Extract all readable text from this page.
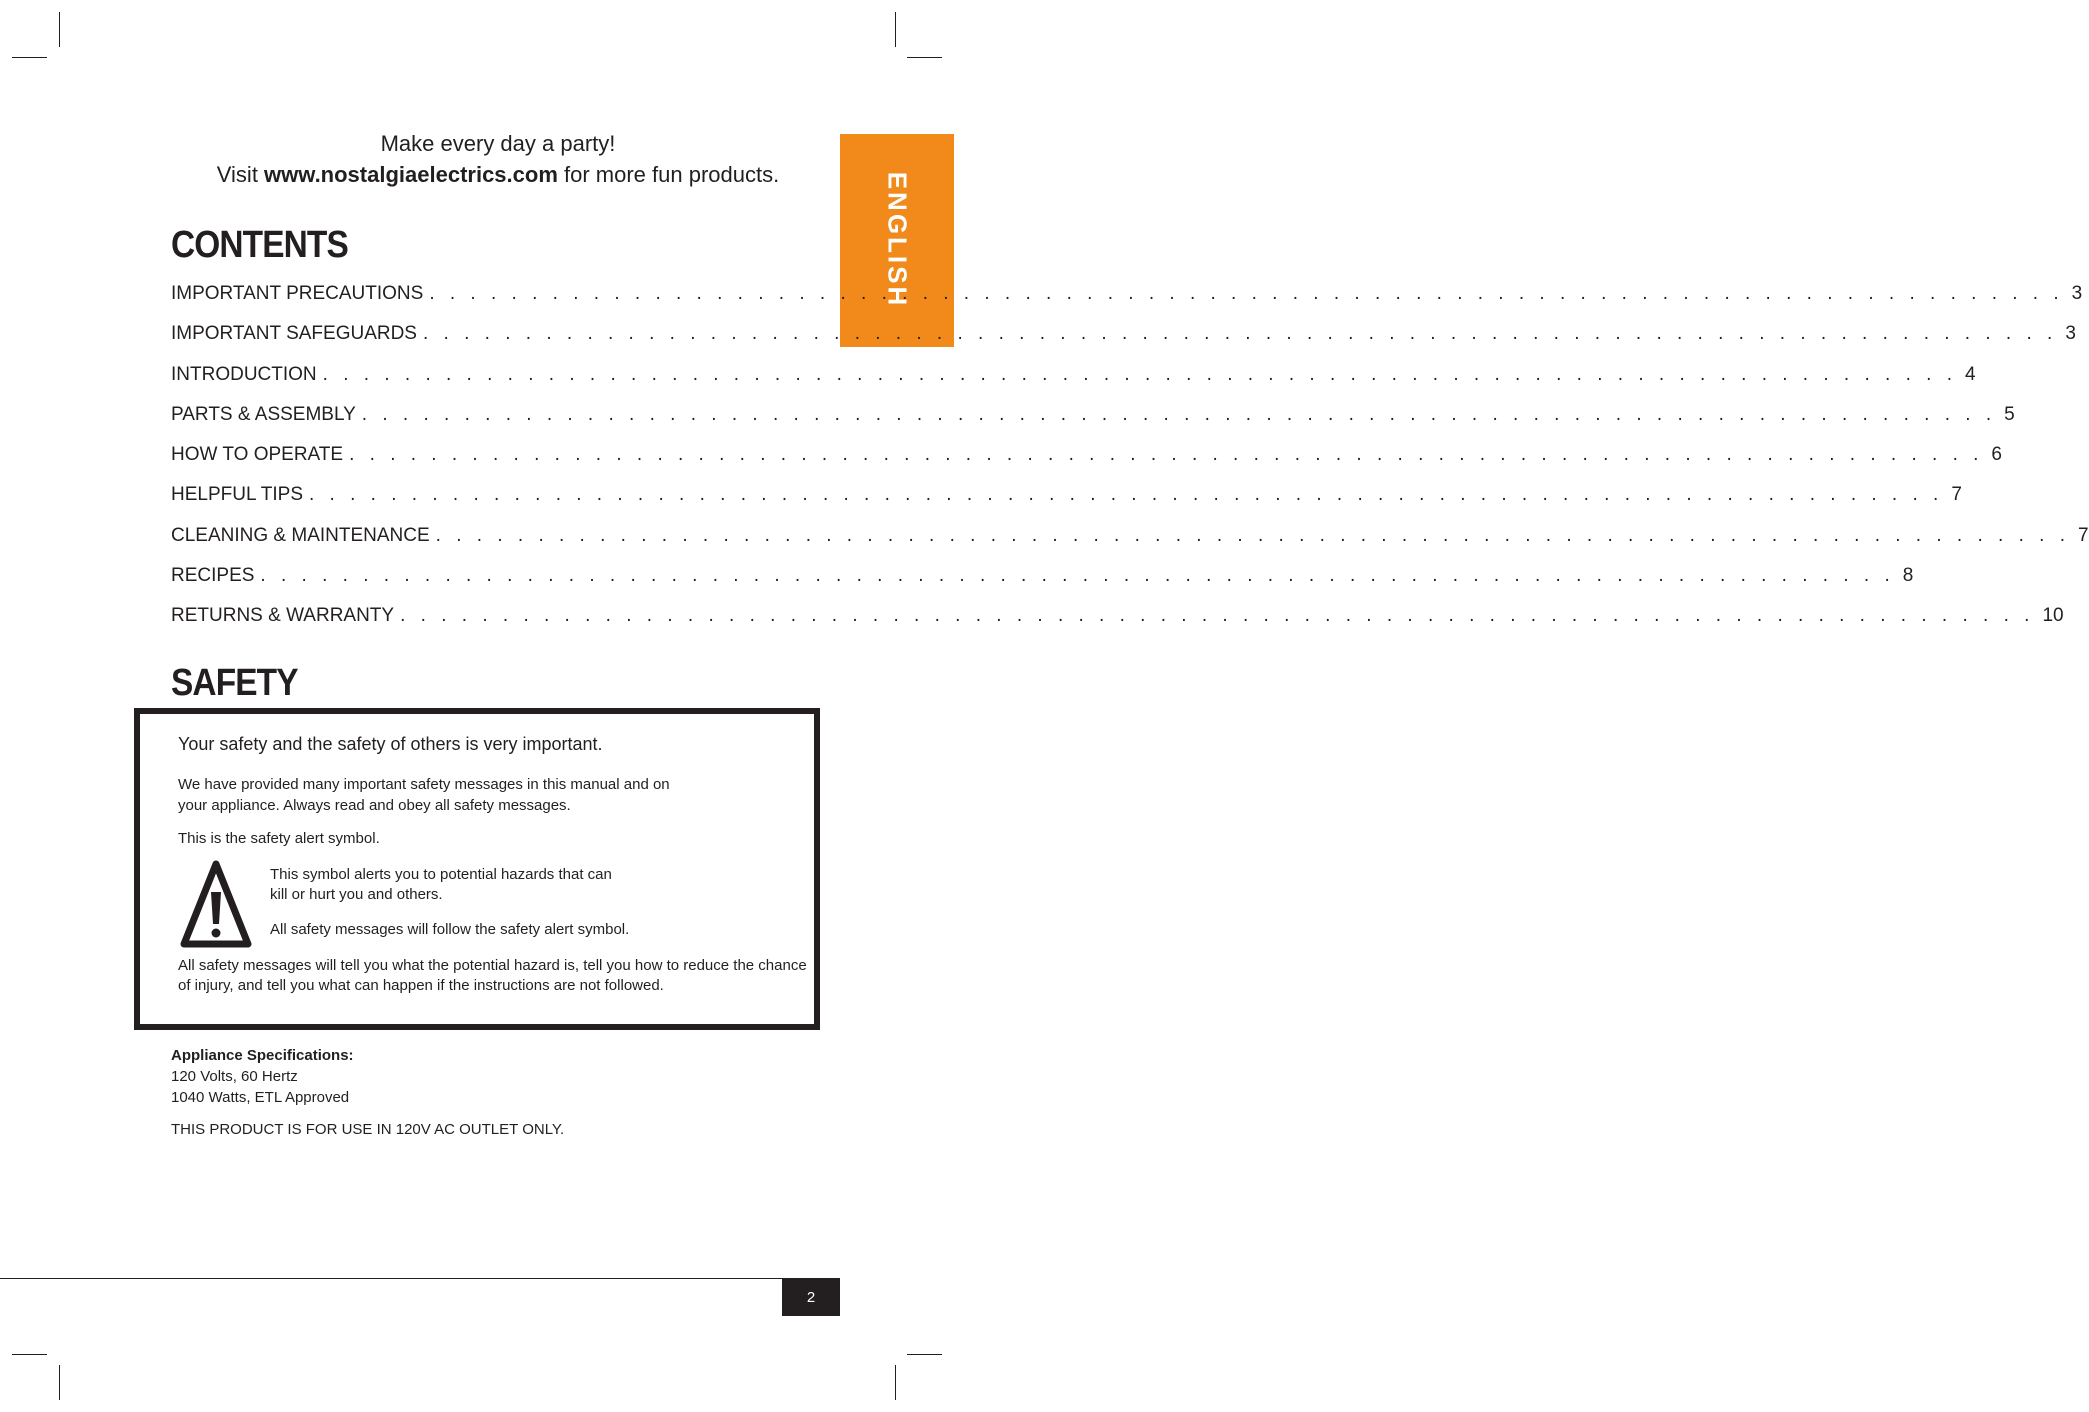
ENGLISH
Make every day a party!
Visit www.nostalgiaelectrics.com for more fun products.
CONTENTS
IMPORTANT PRECAUTIONS . . . . . . . . . . . . . . . . . . . . . . . . . . . . . . . . . . . . . . . . . . . . . . . . . . . . . . . . . . . . . . . . . . . . . . . . . . . . . . . . 3
IMPORTANT SAFEGUARDS . . . . . . . . . . . . . . . . . . . . . . . . . . . . . . . . . . . . . . . . . . . . . . . . . . . . . . . . . . . . . . . . . . . . . . . . . . . . . . . . 3
INTRODUCTION . . . . . . . . . . . . . . . . . . . . . . . . . . . . . . . . . . . . . . . . . . . . . . . . . . . . . . . . . . . . . . . . . . . . . . . . . . . . . . . . 4
PARTS & ASSEMBLY . . . . . . . . . . . . . . . . . . . . . . . . . . . . . . . . . . . . . . . . . . . . . . . . . . . . . . . . . . . . . . . . . . . . . . . . . . . . . . . . 5
HOW TO OPERATE . . . . . . . . . . . . . . . . . . . . . . . . . . . . . . . . . . . . . . . . . . . . . . . . . . . . . . . . . . . . . . . . . . . . . . . . . . . . . . . . 6
HELPFUL TIPS . . . . . . . . . . . . . . . . . . . . . . . . . . . . . . . . . . . . . . . . . . . . . . . . . . . . . . . . . . . . . . . . . . . . . . . . . . . . . . . . 7
CLEANING & MAINTENANCE . . . . . . . . . . . . . . . . . . . . . . . . . . . . . . . . . . . . . . . . . . . . . . . . . . . . . . . . . . . . . . . . . . . . . . . . . . . . . . . . 7
RECIPES . . . . . . . . . . . . . . . . . . . . . . . . . . . . . . . . . . . . . . . . . . . . . . . . . . . . . . . . . . . . . . . . . . . . . . . . . . . . . . . . 8
RETURNS & WARRANTY . . . . . . . . . . . . . . . . . . . . . . . . . . . . . . . . . . . . . . . . . . . . . . . . . . . . . . . . . . . . . . . . . . . . . . . . . . . . . . . . 10
SAFETY
Your safety and the safety of others is very important.
We have provided many important safety messages in this manual and on your appliance. Always read and obey all safety messages.
This is the safety alert symbol.
This symbol alerts you to potential hazards that can kill or hurt you and others.
All safety messages will follow the safety alert symbol.
All safety messages will tell you what the potential hazard is, tell you how to reduce the chance of injury, and tell you what can happen if the instructions are not followed.
Appliance Specifications:
120 Volts, 60 Hertz
1040 Watts, ETL Approved
THIS PRODUCT IS FOR USE IN 120V AC OUTLET ONLY.
2
